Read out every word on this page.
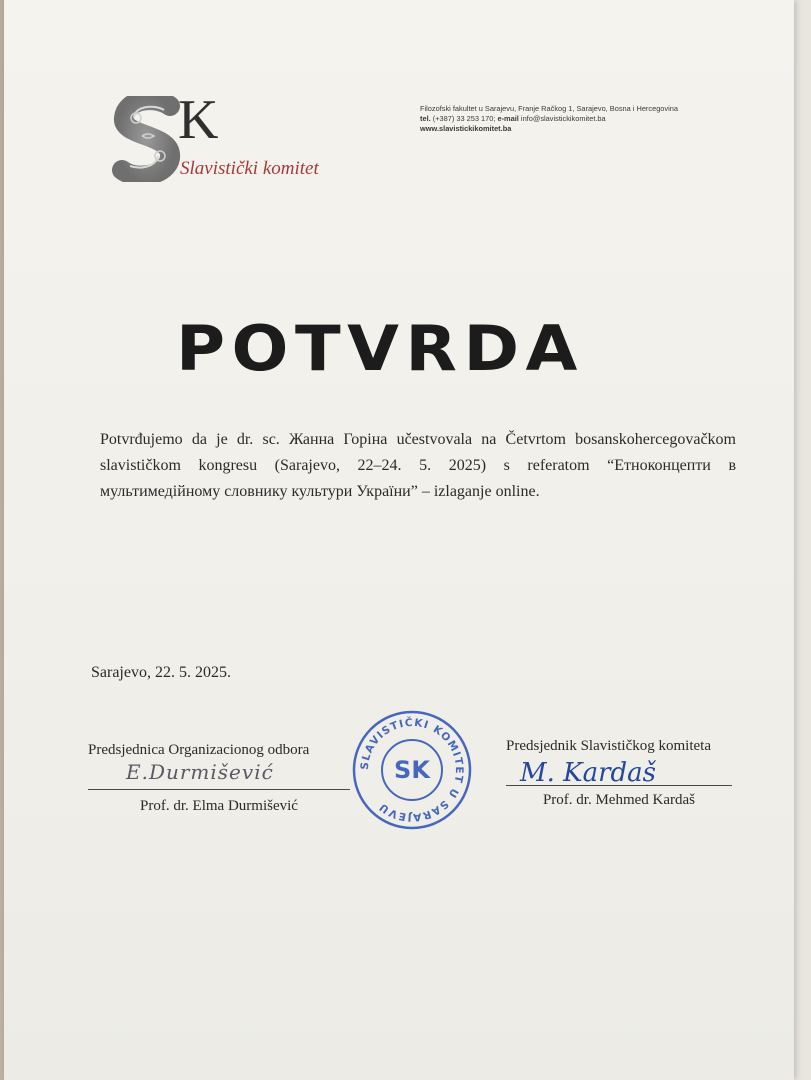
K
Slavistički komitet
Filozofski fakultet u Sarajevu, Franje Račkog 1, Sarajevo, Bosna i Hercegovina
tel. (+387) 33 253 170; e-mail info@slavistickikomitet.ba
www.slavistickikomitet.ba
POTVRDA
Potvrđujemo da je dr. sc. Жанна Горіна učestvovala na Četvrtom bosanskohercegovačkom slavističkom kongresu (Sarajevo, 22–24. 5. 2025) s referatom “Етноконцепти в мультимедійному словнику культури України” – izlaganje online.
Sarajevo, 22. 5. 2025.
Predsjednica Organizacionog odbora
Prof. dr. Elma Durmišević
E.Durmišević
Predsjednik Slavističkog komiteta
Prof. dr. Mehmed Kardaš
M. Kardaš
SLAVISTIČKI KOMITET U SARAJEVU
SK
